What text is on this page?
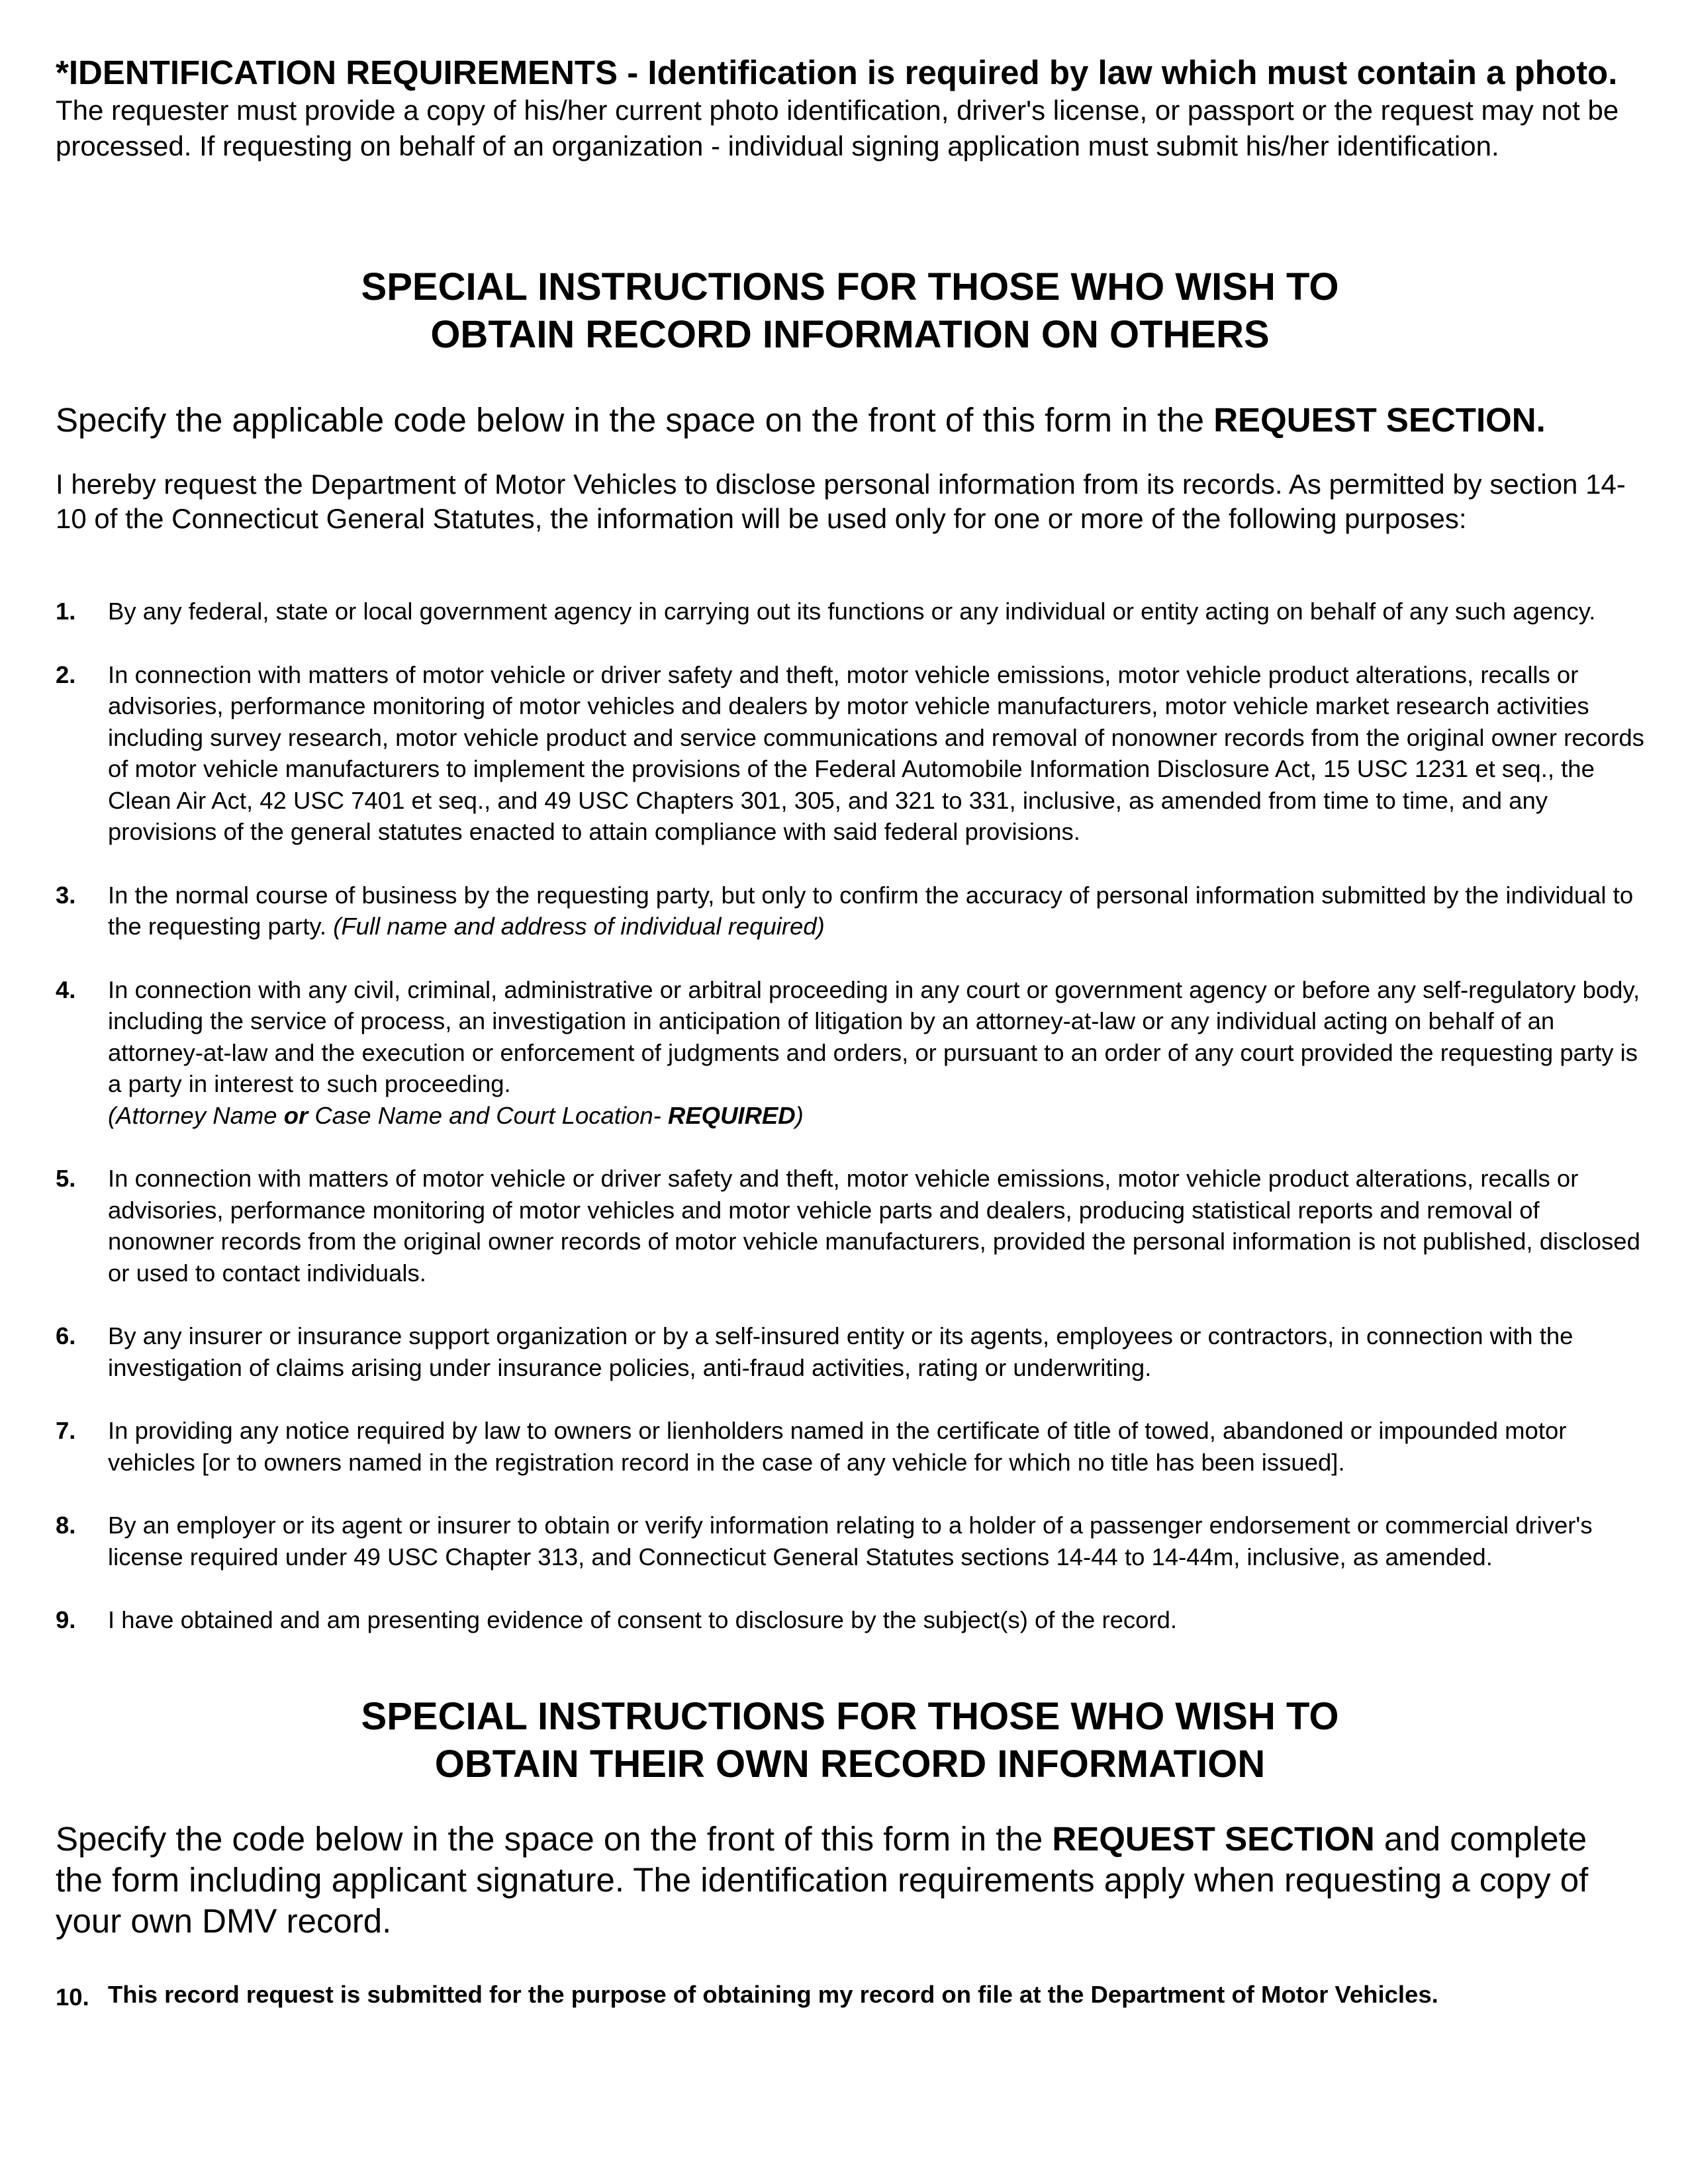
*IDENTIFICATION REQUIREMENTS - Identification is required by law which must contain a photo.

The requester must provide a copy of his/her current photo identification, driver's license, or passport or the request may not be processed. If requesting on behalf of an organization - individual signing application must submit his/her identification.

SPECIAL INSTRUCTIONS FOR THOSE WHO WISH TO

OBTAIN RECORD INFORMATION ON OTHERS

Specify the applicable code below in the space on the front of this form in the REQUEST SECTION.

I hereby request the Department of Motor Vehicles to disclose personal information from its records. As permitted by section 14-10 of the Connecticut General Statutes, the information will be used only for one or more of the following purposes:

1. By any federal, state or local government agency in carrying out its functions or any individual or entity acting on behalf of any such agency.
2. In connection with matters of motor vehicle or driver safety and theft, motor vehicle emissions, motor vehicle product alterations, recalls or advisories, performance monitoring of motor vehicles and dealers by motor vehicle manufacturers, motor vehicle market research activities including survey research, motor vehicle product and service communications and removal of nonowner records from the original owner records of motor vehicle manufacturers to implement the provisions of the Federal Automobile Information Disclosure Act, 15 USC 1231 et seq., the Clean Air Act, 42 USC 7401 et seq., and 49 USC Chapters 301, 305, and 321 to 331, inclusive, as amended from time to time, and any provisions of the general statutes enacted to attain compliance with said federal provisions.
3. In the normal course of business by the requesting party, but only to confirm the accuracy of personal information submitted by the individual to the requesting party. (Full name and address of individual required)
4. In connection with any civil, criminal, administrative or arbitral proceeding in any court or government agency or before any self-regulatory body, including the service of process, an investigation in anticipation of litigation by an attorney-at-law or any individual acting on behalf of an attorney-at-law and the execution or enforcement of judgments and orders, or pursuant to an order of any court provided the requesting party is a party in interest to such proceeding.
(Attorney Name or Case Name and Court Location- REQUIRED)
5. In connection with matters of motor vehicle or driver safety and theft, motor vehicle emissions, motor vehicle product alterations, recalls or advisories, performance monitoring of motor vehicles and motor vehicle parts and dealers, producing statistical reports and removal of nonowner records from the original owner records of motor vehicle manufacturers, provided the personal information is not published, disclosed or used to contact individuals.
6. By any insurer or insurance support organization or by a self-insured entity or its agents, employees or contractors, in connection with the investigation of claims arising under insurance policies, anti-fraud activities, rating or underwriting.
7. In providing any notice required by law to owners or lienholders named in the certificate of title of towed, abandoned or impounded motor vehicles [or to owners named in the registration record in the case of any vehicle for which no title has been issued].
8. By an employer or its agent or insurer to obtain or verify information relating to a holder of a passenger endorsement or commercial driver's license required under 49 USC Chapter 313, and Connecticut General Statutes sections 14-44 to 14-44m, inclusive, as amended.
9. I have obtained and am presenting evidence of consent to disclosure by the subject(s) of the record.

SPECIAL INSTRUCTIONS FOR THOSE WHO WISH TO

OBTAIN THEIR OWN RECORD INFORMATION

Specify the code below in the space on the front of this form in the REQUEST SECTION and complete the form including applicant signature. The identification requirements apply when requesting a copy of your own DMV record.

10. This record request is submitted for the purpose of obtaining my record on file at the Department of Motor Vehicles.
